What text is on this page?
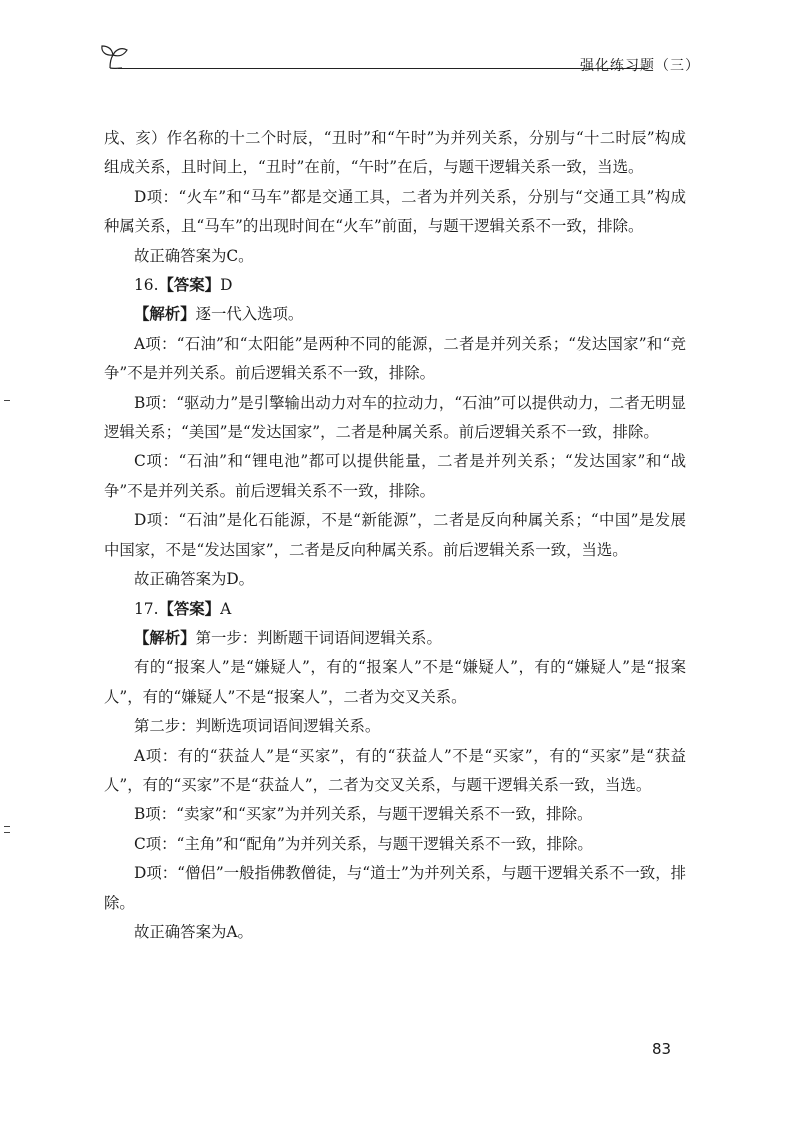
强化练习题（三）

戌、亥）作名称的十二个时辰，“丑时”和“午时”为并列关系，分别与“十二时辰”构成组成关系，且时间上，“丑时”在前，“午时”在后，与题干逻辑关系一致，当选。

D项：“火车”和“马车”都是交通工具，二者为并列关系，分别与“交通工具”构成种属关系，且“马车”的出现时间在“火车”前面，与题干逻辑关系不一致，排除。

故正确答案为C。

16.【答案】D

【解析】逐一代入选项。

A项：“石油”和“太阳能”是两种不同的能源，二者是并列关系；“发达国家”和“竞争”不是并列关系。前后逻辑关系不一致，排除。

B项：“驱动力”是引擎输出动力对车的拉动力，“石油”可以提供动力，二者无明显逻辑关系；“美国”是“发达国家”，二者是种属关系。前后逻辑关系不一致，排除。

C项：“石油”和“锂电池”都可以提供能量，二者是并列关系；“发达国家”和“战争”不是并列关系。前后逻辑关系不一致，排除。

D项：“石油”是化石能源，不是“新能源”，二者是反向种属关系；“中国”是发展中国家，不是“发达国家”，二者是反向种属关系。前后逻辑关系一致，当选。

故正确答案为D。

17.【答案】A

【解析】第一步：判断题干词语间逻辑关系。

有的“报案人”是“嫌疑人”，有的“报案人”不是“嫌疑人”，有的“嫌疑人”是“报案人”，有的“嫌疑人”不是“报案人”，二者为交叉关系。

第二步：判断选项词语间逻辑关系。

A项：有的“获益人”是“买家”，有的“获益人”不是“买家”，有的“买家”是“获益人”，有的“买家”不是“获益人”，二者为交叉关系，与题干逻辑关系一致，当选。

B项：“卖家”和“买家”为并列关系，与题干逻辑关系不一致，排除。

C项：“主角”和“配角”为并列关系，与题干逻辑关系不一致，排除。

D项：“僧侣”一般指佛教僧徒，与“道士”为并列关系，与题干逻辑关系不一致，排除。

故正确答案为A。

83
